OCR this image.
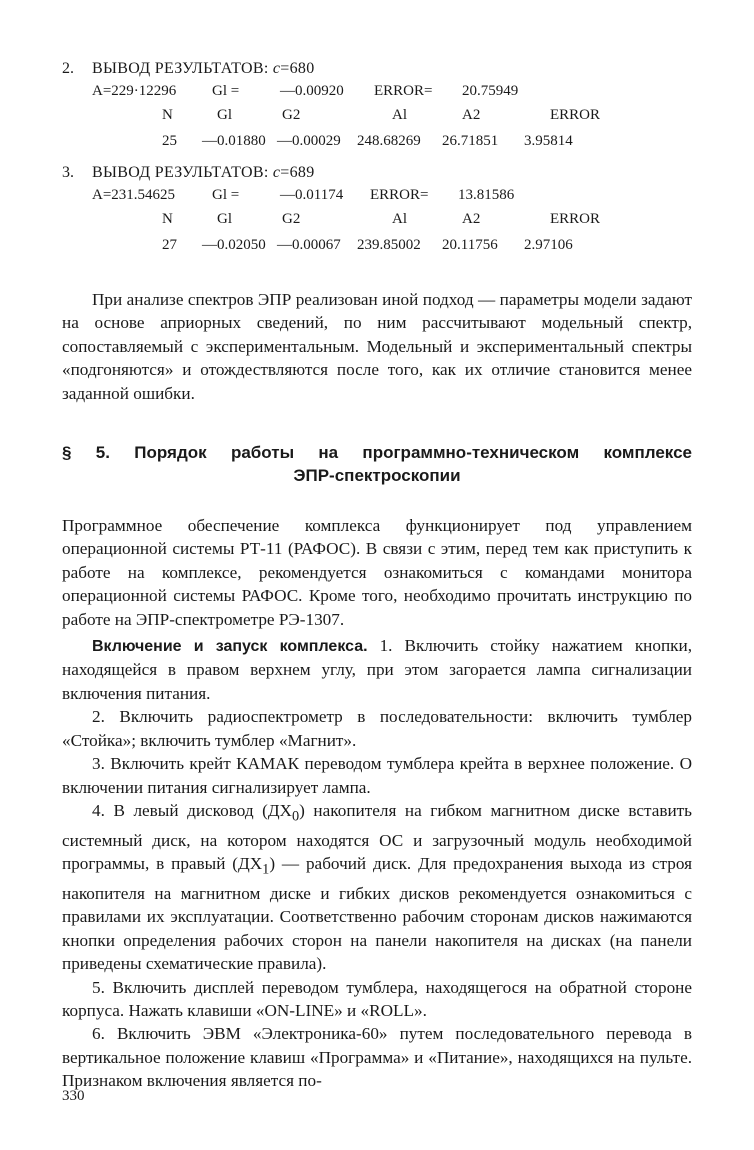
2. ВЫВОД РЕЗУЛЬТАТОВ: c=680
A=229·12296 Gl =	—0.00920 ERROR= 20.75949
N	Gl	G2	Al	A2	ERROR
25 —0.01880 —0.00029 248.68269 26.71851 3.95814
3. ВЫВОД РЕЗУЛЬТАТОВ: c=689
A=231.54625 Gl =	—0.01174 ERROR= 13.81586
N	Gl	G2	Al	A2	ERROR
27 —0.02050 —0.00067 239.85002 20.11756 2.97106

При анализе спектров ЭПР реализован иной подход — параметры модели задают на основе априорных сведений, по ним рассчитывают модельный спектр, сопоставляемый с экспериментальным. Модельный и экспериментальный спектры «подгоняются» и отождествляются после того, как их отличие становится менее заданной ошибки.

§ 5. Порядок работы на программно-техническом комплексе
ЭПР-спектроскопии

Программное обеспечение комплекса функционирует под управлением операционной системы РТ-11 (РАФОС). В связи с этим, перед тем как приступить к работе на комплексе, рекомендуется ознакомиться с командами монитора операционной системы РАФОС. Кроме того, необходимо прочитать инструкцию по работе на ЭПР-спектрометре РЭ-1307.

Включение и запуск комплекса. 1. Включить стойку нажатием кнопки, находящейся в правом верхнем углу, при этом загорается лампа сигнализации включения питания.

2. Включить радиоспектрометр в последовательности: включить тумблер «Стойка»; включить тумблер «Магнит».

3. Включить крейт КАМАК переводом тумблера крейта в верхнее положение. О включении питания сигнализирует лампа.

4. В левый дисковод $(ДХ_0)$ накопителя на гибком магнитном диске вставить системный диск, на котором находятся ОС и загрузочный модуль необходимой программы, в правый $(ДХ_1)$ — рабочий диск. Для предохранения выхода из строя накопителя на магнитном диске и гибких дисков рекомендуется ознакомиться с правилами их эксплуатации. Соответственно рабочим сторонам дисков нажимаются кнопки определения рабочих сторон на панели накопителя на дисках (на панели приведены схематические правила).

5. Включить дисплей переводом тумблера, находящегося на обратной стороне корпуса. Нажать клавиши «ON-LINE» и «ROLL».

6. Включить ЭВМ «Электроника-60» путем последовательного перевода в вертикальное положение клавиш «Программа» и «Питание», находящихся на пульте. Признаком включения является по-

330
